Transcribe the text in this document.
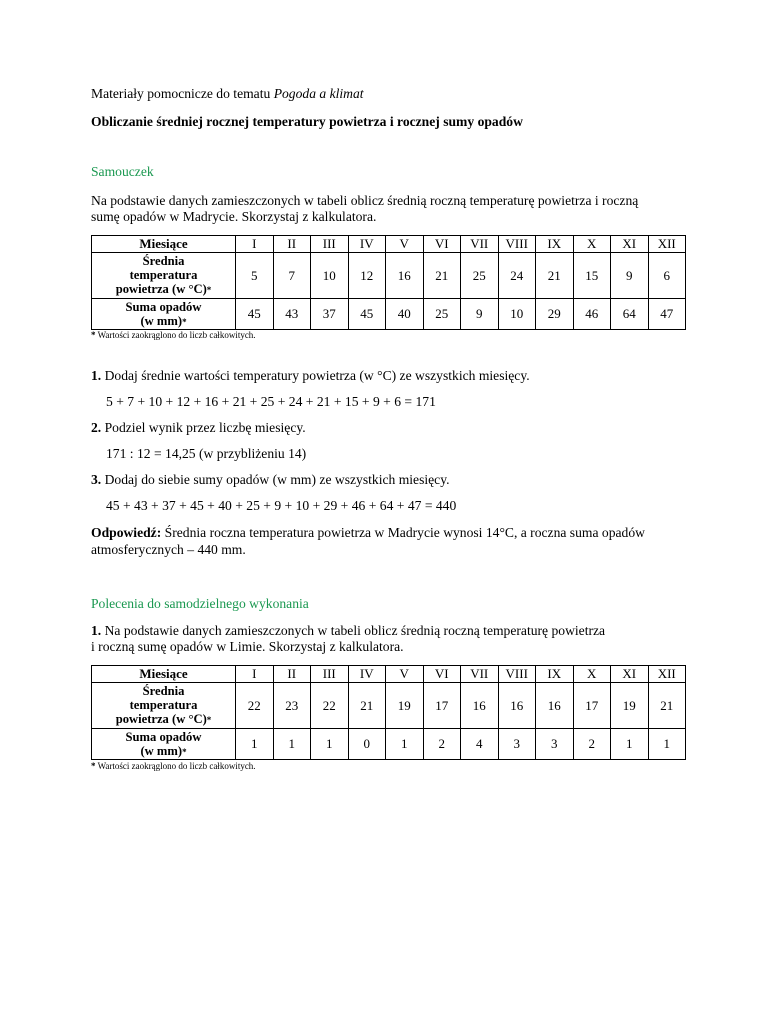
Materiały pomocnicze do tematu Pogoda a klimat
Obliczanie średniej rocznej temperatury powietrza i rocznej sumy opadów
Samouczek
Na podstawie danych zamieszczonych w tabeli oblicz średnią roczną temperaturę powietrza i roczną
sumę opadów w Madrycie. Skorzystaj z kalkulatora.
Miesiące	I	II	III	IV	V	VI	VII	VIII	IX	X	XI	XII
Średnia
temperatura
powietrza (w °C)*	5	7	10	12	16	21	25	24	21	15	9	6
Suma opadów
(w mm)*	45	43	37	45	40	25	9	10	29	46	64	47
* Wartości zaokrąglono do liczb całkowitych.
1. Dodaj średnie wartości temperatury powietrza (w °C) ze wszystkich miesięcy.
5 + 7 + 10 + 12 + 16 + 21 + 25 + 24 + 21 + 15 + 9 + 6 = 171
2. Podziel wynik przez liczbę miesięcy.
171 : 12 = 14,25 (w przybliżeniu 14)
3. Dodaj do siebie sumy opadów (w mm) ze wszystkich miesięcy.
45 + 43 + 37 + 45 + 40 + 25 + 9 + 10 + 29 + 46 + 64 + 47 = 440
Odpowiedź: Średnia roczna temperatura powietrza w Madrycie wynosi 14°C, a roczna suma opadów
atmosferycznych – 440 mm.
Polecenia do samodzielnego wykonania
1. Na podstawie danych zamieszczonych w tabeli oblicz średnią roczną temperaturę powietrza
i roczną sumę opadów w Limie. Skorzystaj z kalkulatora.
Miesiące	I	II	III	IV	V	VI	VII	VIII	IX	X	XI	XII
Średnia
temperatura
powietrza (w °C)*	22	23	22	21	19	17	16	16	16	17	19	21
Suma opadów
(w mm)*	1	1	1	0	1	2	4	3	3	2	1	1
* Wartości zaokrąglono do liczb całkowitych.
